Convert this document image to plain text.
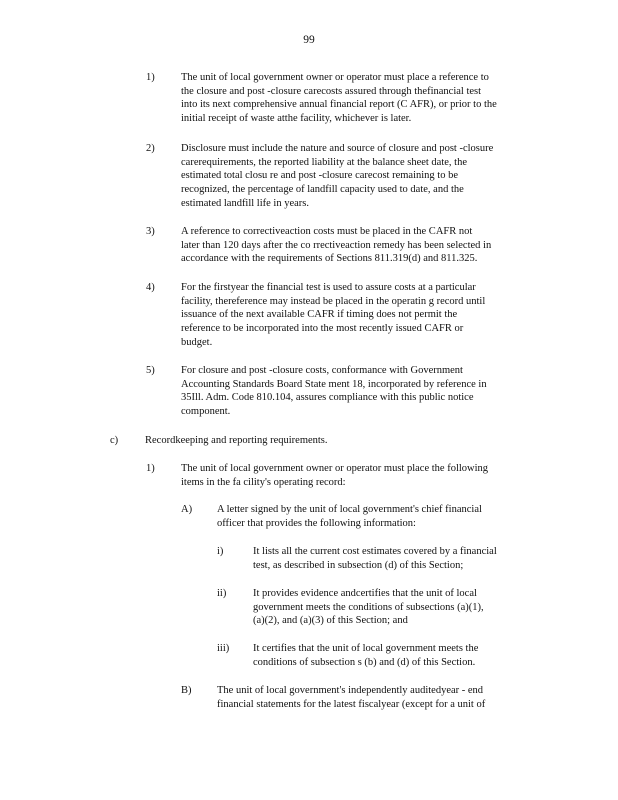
99
1)	The unit of local government owner or operator must place a reference to
the closure and post -closure carecosts assured through thefinancial test
into its next comprehensive annual financial report (C AFR), or prior to the
initial receipt of waste atthe facility, whichever is later.
2)	Disclosure must include the nature and source of closure and post -closure
carerequirements, the reported liability at the balance sheet date, the
estimated total closu re and post -closure carecost remaining to be
recognized, the percentage of landfill capacity used to date, and the
estimated landfill life in years.
3)	A reference to correctiveaction costs must be placed in the CAFR not
later than 120 days after the co rrectiveaction remedy has been selected in
accordance with the requirements of Sections 811.319(d) and 811.325.
4)	For the firstyear the financial test is used to assure costs at a particular
facility, thereference may instead be placed in the operatin g record until
issuance of the next available CAFR if timing does not permit the
reference to be incorporated into the most recently issued CAFR or
budget.
5)	For closure and post -closure costs, conformance with Government
Accounting Standards Board State ment 18, incorporated by reference in
35Ill. Adm. Code 810.104, assures compliance with this public notice
component.
c)	Recordkeeping and reporting requirements.
1)	The unit of local government owner or operator must place the following
items in the fa cility's operating record:
A) A letter signed by the unit of local government's chief financial
officer that provides the following information:
i)	It lists all the current cost estimates covered by a financial
test, as described in subsection (d) of this Section;
ii)	It provides evidence andcertifies that the unit of local
government meets the conditions of subsections (a)(1),
(a)(2), and (a)(3) of this Section; and
iii) It certifies that the unit of local government meets the
conditions of subsection s (b) and (d) of this Section.
B) The unit of local government's independently auditedyear - end
financial statements for the latest fiscalyear (except for a unit of
